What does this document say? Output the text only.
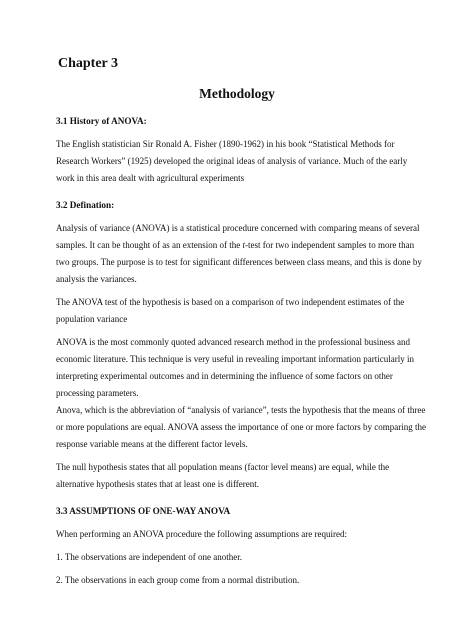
Chapter 3

Methodology

3.1 History of ANOVA:

The English statistician Sir Ronald A. Fisher (1890-1962) in his book “Statistical Methods for Research Workers” (1925) developed the original ideas of analysis of variance. Much of the early work in this area dealt with agricultural experiments

3.2 Defination:

Analysis of variance (ANOVA) is a statistical procedure concerned with comparing means of several samples. It can be thought of as an extension of the t-test for two independent samples to more than two groups. The purpose is to test for significant differences between class means, and this is done by analysis the variances.

The ANOVA test of the hypothesis is based on a comparison of two independent estimates of the population variance

ANOVA is the most commonly quoted advanced research method in the professional business and economic literature. This technique is very useful in revealing important information particularly in interpreting experimental outcomes and in determining the influence of some factors on other processing parameters.

Anova, which is the abbreviation of “analysis of variance”, tests the hypothesis that the means of three or more populations are equal. ANOVA assess the importance of one or more factors by comparing the response variable means at the different factor levels.

The null hypothesis states that all population means (factor level means) are equal, while the alternative hypothesis states that at least one is different.

3.3 ASSUMPTIONS OF ONE-WAY ANOVA

When performing an ANOVA procedure the following assumptions are required:

1. The observations are independent of one another.

2. The observations in each group come from a normal distribution.
